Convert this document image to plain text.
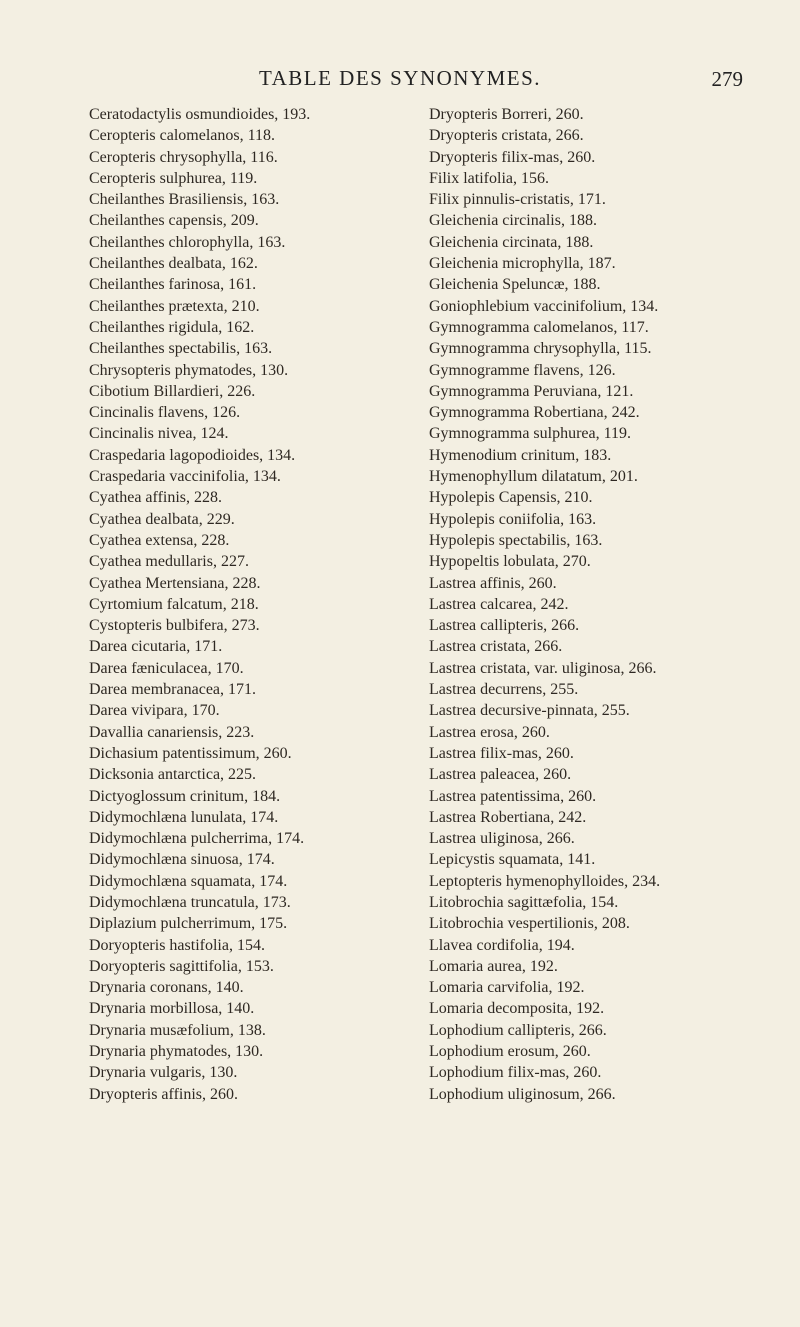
TABLE DES SYNONYMES.	279
Ceratodactylis osmundioides, 193.
Ceropteris calomelanos, 118.
Ceropteris chrysophylla, 116.
Ceropteris sulphurea, 119.
Cheilanthes Brasiliensis, 163.
Cheilanthes capensis, 209.
Cheilanthes chlorophylla, 163.
Cheilanthes dealbata, 162.
Cheilanthes farinosa, 161.
Cheilanthes prætexta, 210.
Cheilanthes rigidula, 162.
Cheilanthes spectabilis, 163.
Chrysopteris phymatodes, 130.
Cibotium Billardieri, 226.
Cincinalis flavens, 126.
Cincinalis nivea, 124.
Craspedaria lagopodioides, 134.
Craspedaria vaccinifolia, 134.
Cyathea affinis, 228.
Cyathea dealbata, 229.
Cyathea extensa, 228.
Cyathea medullaris, 227.
Cyathea Mertensiana, 228.
Cyrtomium falcatum, 218.
Cystopteris bulbifera, 273.
Darea cicutaria, 171.
Darea fæniculacea, 170.
Darea membranacea, 171.
Darea vivipara, 170.
Davallia canariensis, 223.
Dichasium patentissimum, 260.
Dicksonia antarctica, 225.
Dictyoglossum crinitum, 184.
Didymochlæna lunulata, 174.
Didymochlæna pulcherrima, 174.
Didymochlæna sinuosa, 174.
Didymochlæna squamata, 174.
Didymochlæna truncatula, 173.
Diplazium pulcherrimum, 175.
Doryopteris hastifolia, 154.
Doryopteris sagittifolia, 153.
Drynaria coronans, 140.
Drynaria morbillosa, 140.
Drynaria musæfolium, 138.
Drynaria phymatodes, 130.
Drynaria vulgaris, 130.
Dryopteris affinis, 260.
Dryopteris Borreri, 260.
Dryopteris cristata, 266.
Dryopteris filix-mas, 260.
Filix latifolia, 156.
Filix pinnulis-cristatis, 171.
Gleichenia circinalis, 188.
Gleichenia circinata, 188.
Gleichenia microphylla, 187.
Gleichenia Speluncæ, 188.
Goniophlebium vaccinifolium, 134.
Gymnogramma calomelanos, 117.
Gymnogramma chrysophylla, 115.
Gymnogramme flavens, 126.
Gymnogramma Peruviana, 121.
Gymnogramma Robertiana, 242.
Gymnogramma sulphurea, 119.
Hymenodium crinitum, 183.
Hymenophyllum dilatatum, 201.
Hypolepis Capensis, 210.
Hypolepis coniifolia, 163.
Hypolepis spectabilis, 163.
Hypopeltis lobulata, 270.
Lastrea affinis, 260.
Lastrea calcarea, 242.
Lastrea callipteris, 266.
Lastrea cristata, 266.
Lastrea cristata, var. uliginosa, 266.
Lastrea decurrens, 255.
Lastrea decursive-pinnata, 255.
Lastrea erosa, 260.
Lastrea filix-mas, 260.
Lastrea paleacea, 260.
Lastrea patentissima, 260.
Lastrea Robertiana, 242.
Lastrea uliginosa, 266.
Lepicystis squamata, 141.
Leptopteris hymenophylloides, 234.
Litobrochia sagittæfolia, 154.
Litobrochia vespertilionis, 208.
Llavea cordifolia, 194.
Lomaria aurea, 192.
Lomaria carvifolia, 192.
Lomaria decomposita, 192.
Lophodium callipteris, 266.
Lophodium erosum, 260.
Lophodium filix-mas, 260.
Lophodium uliginosum, 266.
